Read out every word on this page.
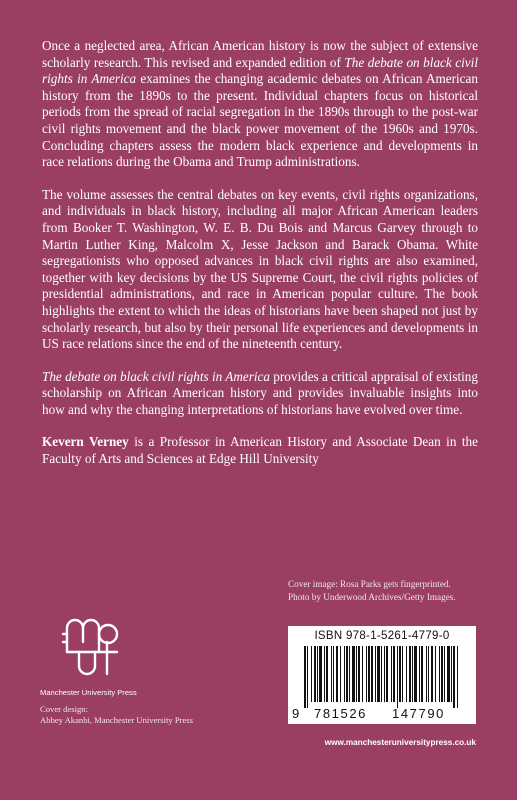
Once a neglected area, African American history is now the subject of extensive scholarly research. This revised and expanded edition of The debate on black civil rights in America examines the changing academic debates on African American history from the 1890s to the present. Individual chapters focus on historical periods from the spread of racial segregation in the 1890s through to the post-war civil rights movement and the black power movement of the 1960s and 1970s. Concluding chapters assess the modern black experience and developments in race relations during the Obama and Trump administrations.

The volume assesses the central debates on key events, civil rights organizations, and individuals in black history, including all major African American leaders from Booker T. Washington, W. E. B. Du Bois and Marcus Garvey through to Martin Luther King, Malcolm X, Jesse Jackson and Barack Obama. White segregationists who opposed advances in black civil rights are also examined, together with key decisions by the US Supreme Court, the civil rights policies of presidential administrations, and race in American popular culture. The book highlights the extent to which the ideas of historians have been shaped not just by scholarly research, but also by their personal life experiences and developments in US race relations since the end of the nineteenth century.

The debate on black civil rights in America provides a critical appraisal of existing scholarship on African American history and provides invaluable insights into how and why the changing interpretations of historians have evolved over time.

Kevern Verney is a Professor in American History and Associate Dean in the Faculty of Arts and Sciences at Edge Hill University

Cover image: Rosa Parks gets fingerprinted. Photo by Underwood Archives/Getty Images.
Manchester University Press
Cover design:
Abbey Akanbi, Manchester University Press
ISBN 978-1-5261-4779-0
9 781526 147790
www.manchesteruniversitypress.co.uk
